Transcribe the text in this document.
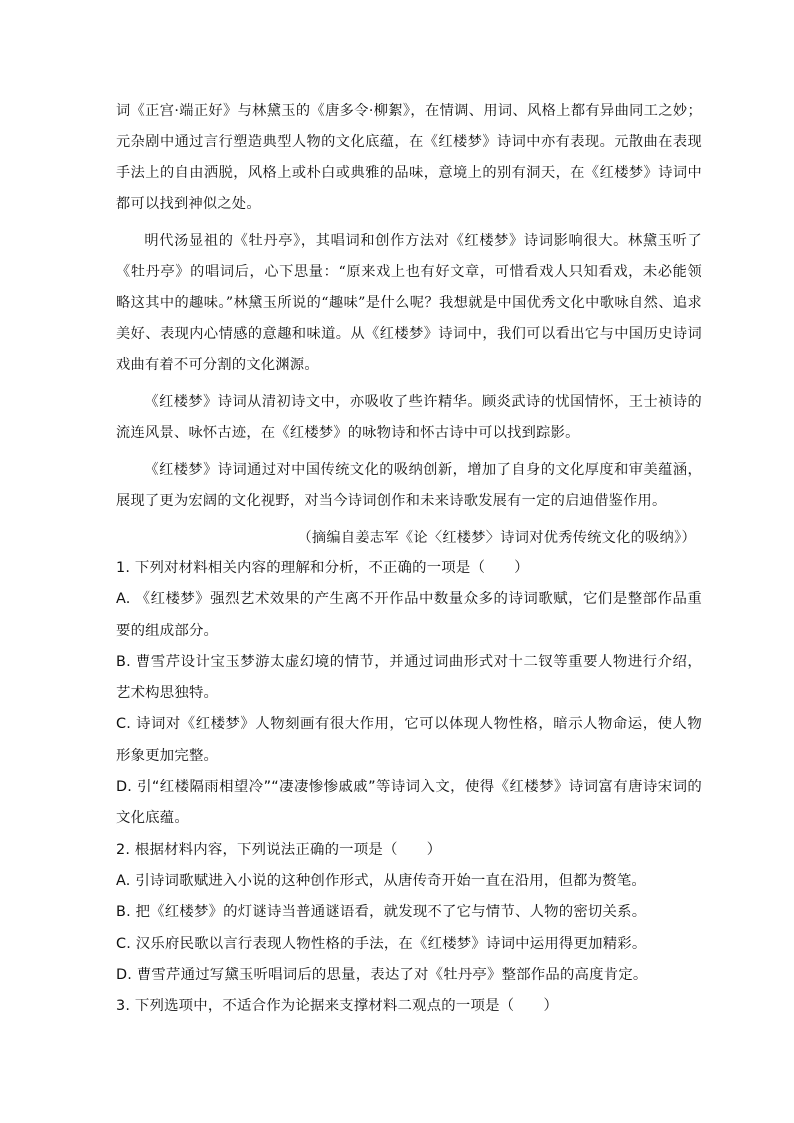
词《正宫·端正好》与林黛玉的《唐多令·柳絮》，在情调、用词、风格上都有异曲同工之妙；元杂剧中通过言行塑造典型人物的文化底蕴，在《红楼梦》诗词中亦有表现。元散曲在表现手法上的自由洒脱，风格上或朴白或典雅的品味，意境上的别有洞天，在《红楼梦》诗词中都可以找到神似之处。

明代汤显祖的《牡丹亭》，其唱词和创作方法对《红楼梦》诗词影响很大。林黛玉听了《牡丹亭》的唱词后，心下思量：“原来戏上也有好文章，可惜看戏人只知看戏，未必能领略这其中的趣味。”林黛玉所说的“趣味”是什么呢？我想就是中国优秀文化中歌咏自然、追求美好、表现内心情感的意趣和味道。从《红楼梦》诗词中，我们可以看出它与中国历史诗词戏曲有着不可分割的文化渊源。

《红楼梦》诗词从清初诗文中，亦吸收了些许精华。顾炎武诗的忧国情怀，王士祯诗的流连风景、咏怀古迹，在《红楼梦》的咏物诗和怀古诗中可以找到踪影。

《红楼梦》诗词通过对中国传统文化的吸纳创新，增加了自身的文化厚度和审美蕴涵，展现了更为宏阔的文化视野，对当今诗词创作和未来诗歌发展有一定的启迪借鉴作用。

（摘编自姜志军《论〈红楼梦〉诗词对优秀传统文化的吸纳》）

1. 下列对材料相关内容的理解和分析，不正确的一项是（　　）

A. 《红楼梦》强烈艺术效果的产生离不开作品中数量众多的诗词歌赋，它们是整部作品重要的组成部分。

B. 曹雪芹设计宝玉梦游太虚幻境的情节，并通过词曲形式对十二钗等重要人物进行介绍，艺术构思独特。

C. 诗词对《红楼梦》人物刻画有很大作用，它可以体现人物性格，暗示人物命运，使人物形象更加完整。

D. 引“红楼隔雨相望冷”“凄凄惨惨戚戚”等诗词入文，使得《红楼梦》诗词富有唐诗宋词的文化底蕴。

2. 根据材料内容，下列说法正确的一项是（　　）

A. 引诗词歌赋进入小说的这种创作形式，从唐传奇开始一直在沿用，但都为赘笔。

B. 把《红楼梦》的灯谜诗当普通谜语看，就发现不了它与情节、人物的密切关系。

C. 汉乐府民歌以言行表现人物性格的手法，在《红楼梦》诗词中运用得更加精彩。

D. 曹雪芹通过写黛玉听唱词后的思量，表达了对《牡丹亭》整部作品的高度肯定。

3. 下列选项中，不适合作为论据来支撑材料二观点的一项是（　　）
